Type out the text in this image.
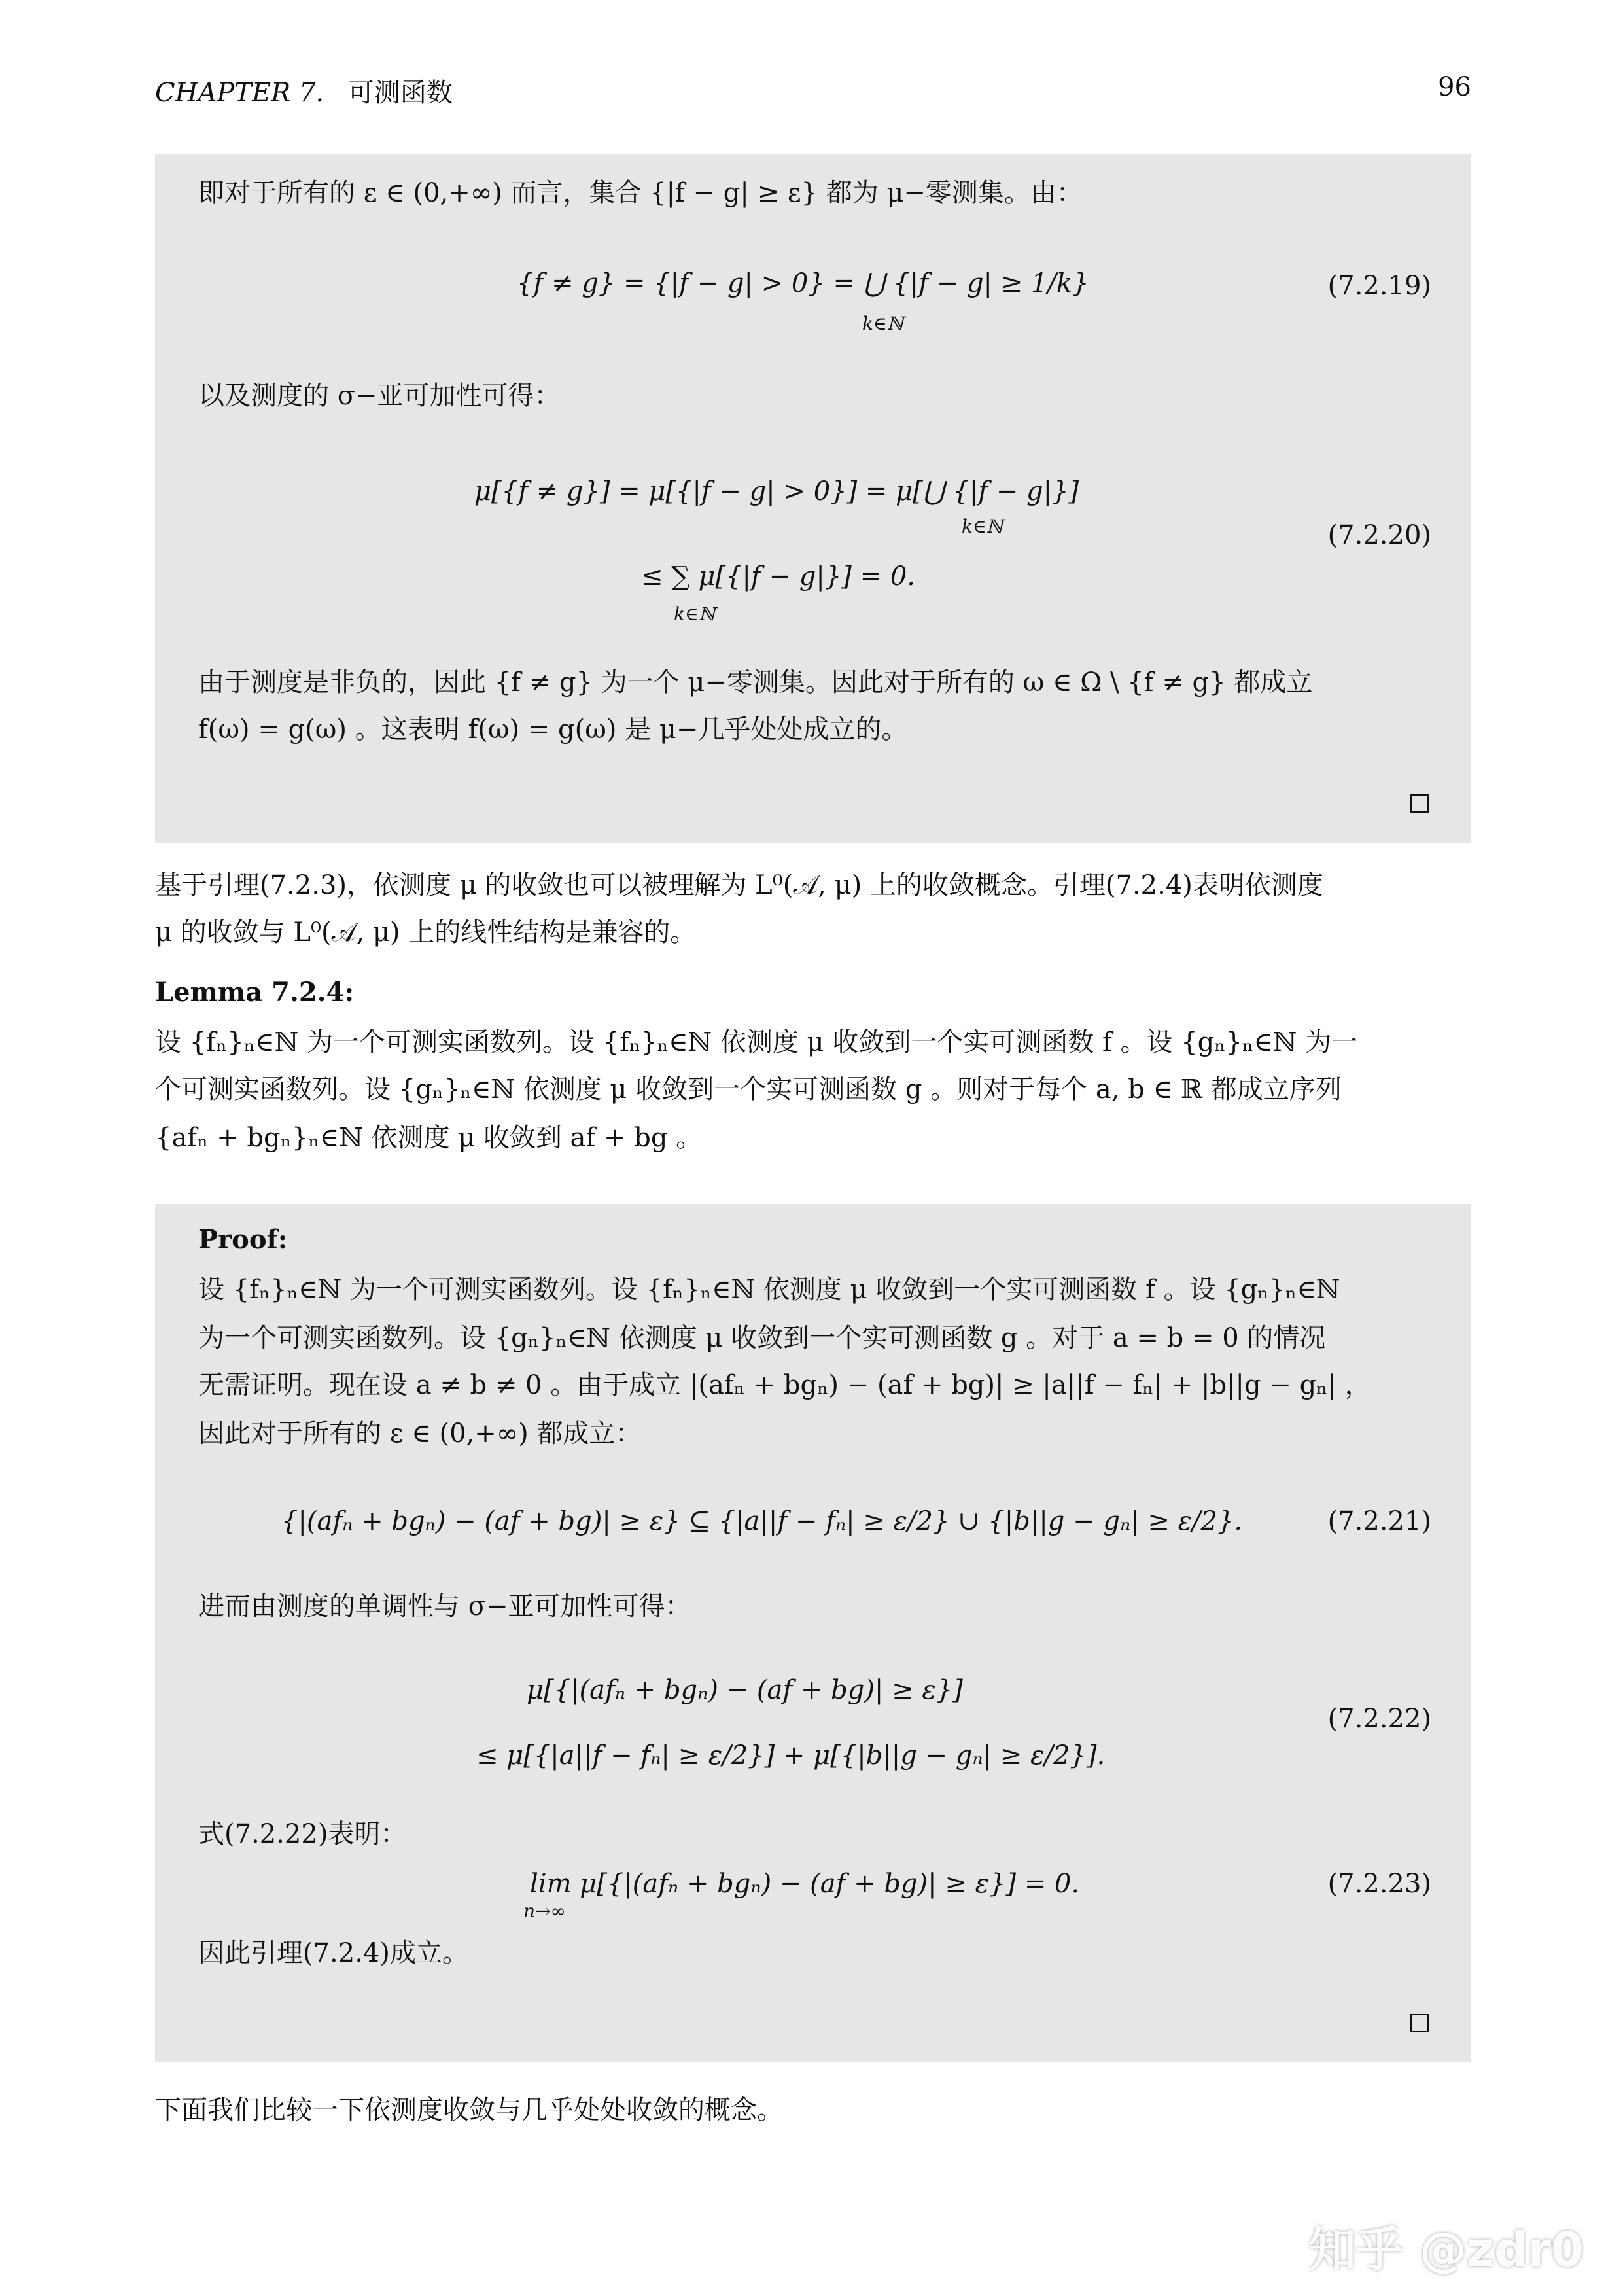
CHAPTER 7. 可测函数	96
即对于所有的 ε ∈ (0,+∞) 而言，集合 {|f − g| ≥ ε} 都为 μ−零测集。由：
{f ≠ g} = {|f − g| > 0} = ⋃ {|f − g| ≥ 1/k}
k∈ℕ
(7.2.19)
以及测度的 σ−亚可加性可得：
μ[{f ≠ g}] = μ[{|f − g| > 0}] = μ[⋃ {|f − g|}]
k∈ℕ
≤ ∑ μ[{|f − g|}] = 0.
k∈ℕ
(7.2.20)
由于测度是非负的，因此 {f ≠ g} 为一个 μ−零测集。因此对于所有的 ω ∈ Ω \ {f ≠ g} 都成立
f(ω) = g(ω) 。这表明 f(ω) = g(ω) 是 μ−几乎处处成立的。
基于引理(7.2.3)，依测度 μ 的收敛也可以被理解为 L⁰(𝒜, μ) 上的收敛概念。引理(7.2.4)表明依测度
μ 的收敛与 L⁰(𝒜, μ) 上的线性结构是兼容的。
Lemma 7.2.4:
设 {fₙ}ₙ∈ℕ 为一个可测实函数列。设 {fₙ}ₙ∈ℕ 依测度 μ 收敛到一个实可测函数 f 。设 {gₙ}ₙ∈ℕ 为一
个可测实函数列。设 {gₙ}ₙ∈ℕ 依测度 μ 收敛到一个实可测函数 g 。则对于每个 a, b ∈ ℝ 都成立序列
{afₙ + bgₙ}ₙ∈ℕ 依测度 μ 收敛到 af + bg 。
Proof:
设 {fₙ}ₙ∈ℕ 为一个可测实函数列。设 {fₙ}ₙ∈ℕ 依测度 μ 收敛到一个实可测函数 f 。设 {gₙ}ₙ∈ℕ
为一个可测实函数列。设 {gₙ}ₙ∈ℕ 依测度 μ 收敛到一个实可测函数 g 。对于 a = b = 0 的情况
无需证明。现在设 a ≠ b ≠ 0 。由于成立 |(afₙ + bgₙ) − (af + bg)| ≥ |a||f − fₙ| + |b||g − gₙ| ，
因此对于所有的 ε ∈ (0,+∞) 都成立：
{|(afₙ + bgₙ) − (af + bg)| ≥ ε} ⊆ {|a||f − fₙ| ≥ ε/2} ∪ {|b||g − gₙ| ≥ ε/2}.	(7.2.21)
进而由测度的单调性与 σ−亚可加性可得：
μ[{|(afₙ + bgₙ) − (af + bg)| ≥ ε}]
≤ μ[{|a||f − fₙ| ≥ ε/2}] + μ[{|b||g − gₙ| ≥ ε/2}].
(7.2.22)
式(7.2.22)表明：
lim μ[{|(afₙ + bgₙ) − (af + bg)| ≥ ε}] = 0.
n→∞
(7.2.23)
因此引理(7.2.4)成立。
下面我们比较一下依测度收敛与几乎处处收敛的概念。
知乎 @zdr0
